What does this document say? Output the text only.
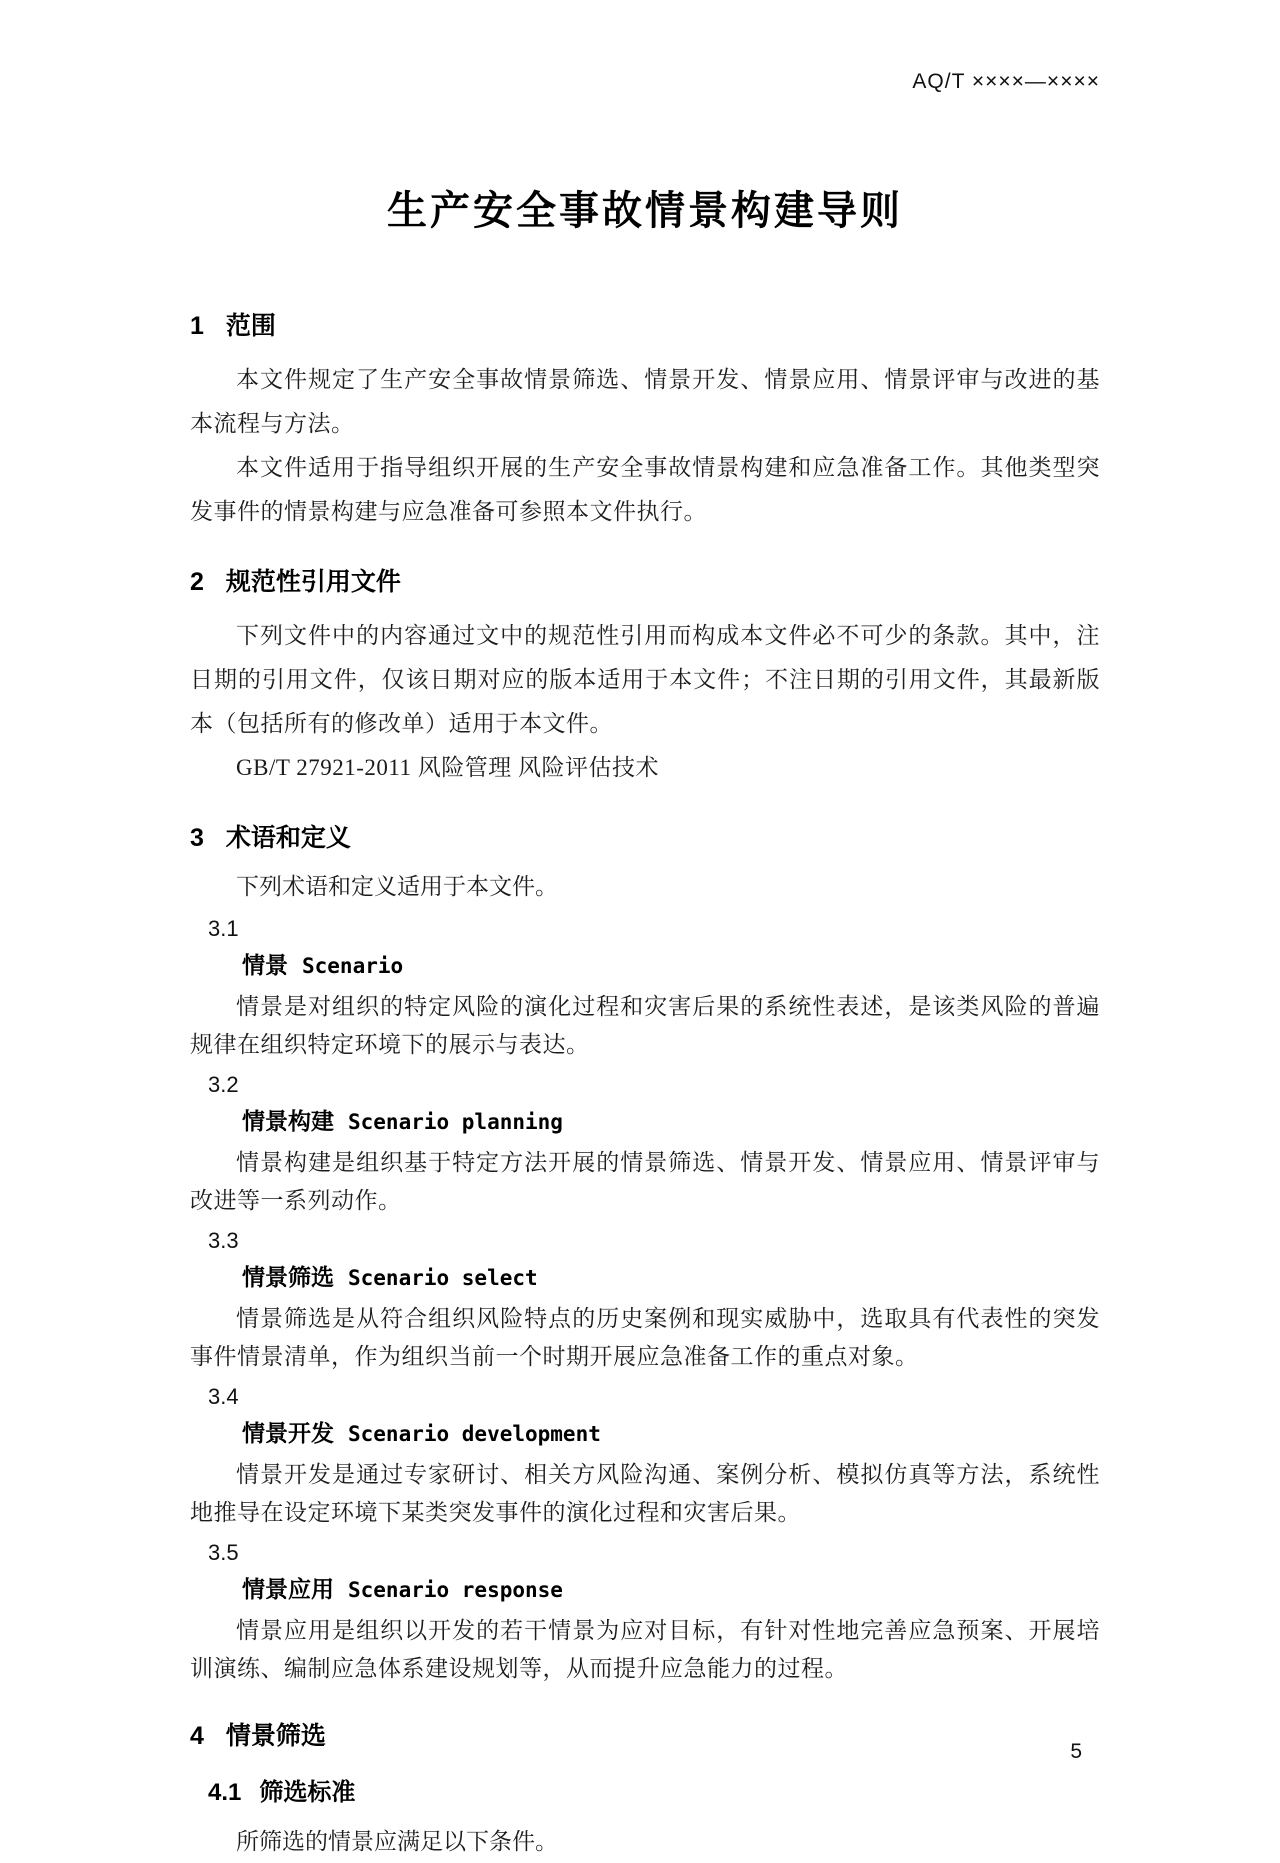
AQ/T ××××—××××
生产安全事故情景构建导则
1 范围

本文件规定了生产安全事故情景筛选、情景开发、情景应用、情景评审与改进的基本流程与方法。

本文件适用于指导组织开展的生产安全事故情景构建和应急准备工作。其他类型突发事件的情景构建与应急准备可参照本文件执行。

2 规范性引用文件

下列文件中的内容通过文中的规范性引用而构成本文件必不可少的条款。其中，注日期的引用文件，仅该日期对应的版本适用于本文件；不注日期的引用文件，其最新版本（包括所有的修改单）适用于本文件。

GB/T 27921-2011 风险管理 风险评估技术

3 术语和定义

下列术语和定义适用于本文件。

3.1
情景 Scenario

情景是对组织的特定风险的演化过程和灾害后果的系统性表述，是该类风险的普遍规律在组织特定环境下的展示与表达。

3.2
情景构建 Scenario planning

情景构建是组织基于特定方法开展的情景筛选、情景开发、情景应用、情景评审与改进等一系列动作。

3.3
情景筛选 Scenario select

情景筛选是从符合组织风险特点的历史案例和现实威胁中，选取具有代表性的突发事件情景清单，作为组织当前一个时期开展应急准备工作的重点对象。

3.4
情景开发 Scenario development

情景开发是通过专家研讨、相关方风险沟通、案例分析、模拟仿真等方法，系统性地推导在设定环境下某类突发事件的演化过程和灾害后果。

3.5
情景应用 Scenario response

情景应用是组织以开发的若干情景为应对目标，有针对性地完善应急预案、开展培训演练、编制应急体系建设规划等，从而提升应急能力的过程。

4 情景筛选
4.1 筛选标准

所筛选的情景应满足以下条件。

5
